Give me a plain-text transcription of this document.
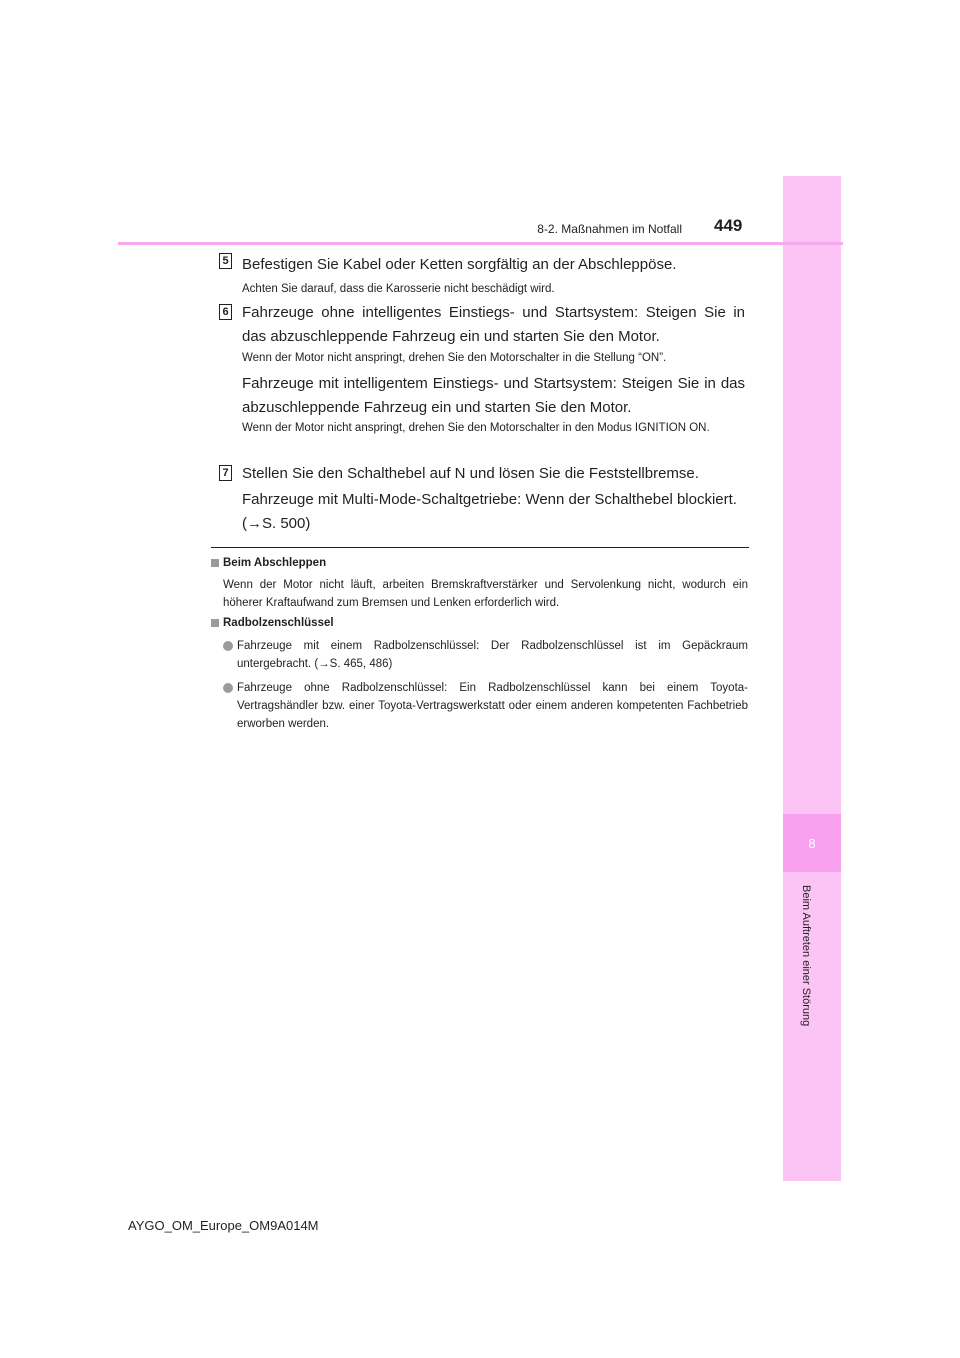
8
Beim Auftreten einer Störung
8-2. Maßnahmen im Notfall 449
5 Befestigen Sie Kabel oder Ketten sorgfältig an der Abschleppöse.
Achten Sie darauf, dass die Karosserie nicht beschädigt wird.
6 Fahrzeuge ohne intelligentes Einstiegs- und Startsystem: Steigen Sie in das abzuschleppende Fahrzeug ein und starten Sie den Motor.
Wenn der Motor nicht anspringt, drehen Sie den Motorschalter in die Stellung “ON”.
Fahrzeuge mit intelligentem Einstiegs- und Startsystem: Steigen Sie in das abzuschleppende Fahrzeug ein und starten Sie den Motor.
Wenn der Motor nicht anspringt, drehen Sie den Motorschalter in den Modus IGNITION ON.
7 Stellen Sie den Schalthebel auf N und lösen Sie die Feststellbremse.
Fahrzeuge mit Multi-Mode-Schaltgetriebe: Wenn der Schalthebel blockiert.
(→S. 500)
Beim Abschleppen
Wenn der Motor nicht läuft, arbeiten Bremskraftverstärker und Servolenkung nicht, wodurch ein höherer Kraftaufwand zum Bremsen und Lenken erforderlich wird.
Radbolzenschlüssel
Fahrzeuge mit einem Radbolzenschlüssel: Der Radbolzenschlüssel ist im Gepäckraum untergebracht. (→S. 465, 486)
Fahrzeuge ohne Radbolzenschlüssel: Ein Radbolzenschlüssel kann bei einem Toyota-Vertragshändler bzw. einer Toyota-Vertragswerkstatt oder einem anderen kompetenten Fachbetrieb erworben werden.
AYGO_OM_Europe_OM9A014M
